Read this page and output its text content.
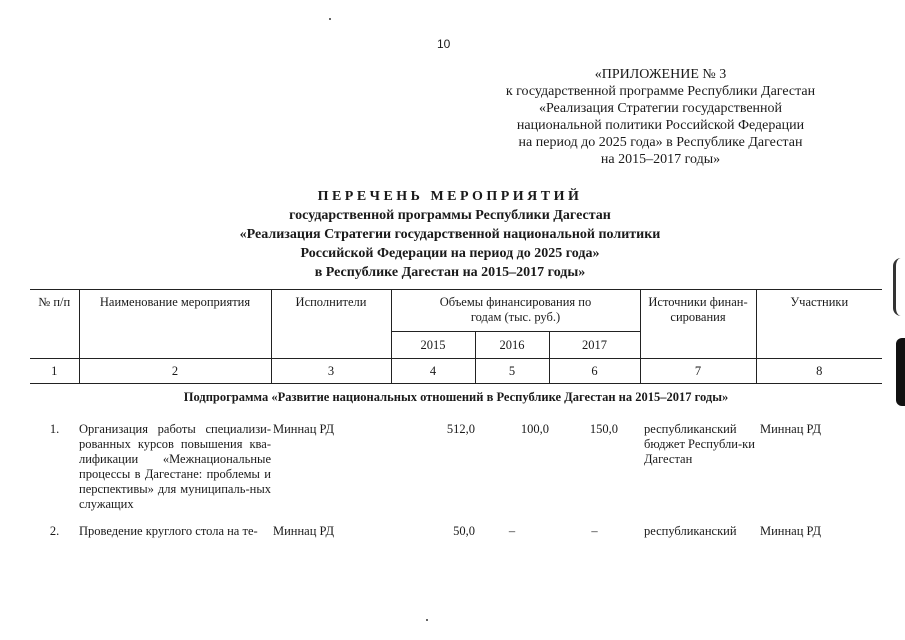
10
«ПРИЛОЖЕНИЕ № 3
к государственной программе Республики Дагестан
«Реализация Стратегии государственной
национальной политики Российской Федерации
на период до 2025 года» в Республике Дагестан
на 2015–2017 годы»
ПЕРЕЧЕНЬ МЕРОПРИЯТИЙ
государственной программы Республики Дагестан
«Реализация Стратегии государственной национальной политики
Российской Федерации на период до 2025 года»
в Республике Дагестан на 2015–2017 годы»
№ п/п	Наименование мероприятия	Исполнители	Объемы финансирования по годам (тыс. руб.)			Источники финан-сирования	Участники
			2015	2016	2017		
1	2	3	4	5	6	7	8
Подпрограмма «Развитие национальных отношений в Республике Дагестан на 2015–2017 годы»							
1.	Организация работы специализи-рованных курсов повышения ква-лификации «Межнациональные процессы в Дагестане: проблемы и перспективы» для муниципаль-ных служащих	Миннац РД	512,0	100,0	150,0	республиканский бюджет Республи-ки Дагестан	Миннац РД
2.	Проведение круглого стола на те-	Миннац РД	50,0	–	–	республиканский	Миннац РД
